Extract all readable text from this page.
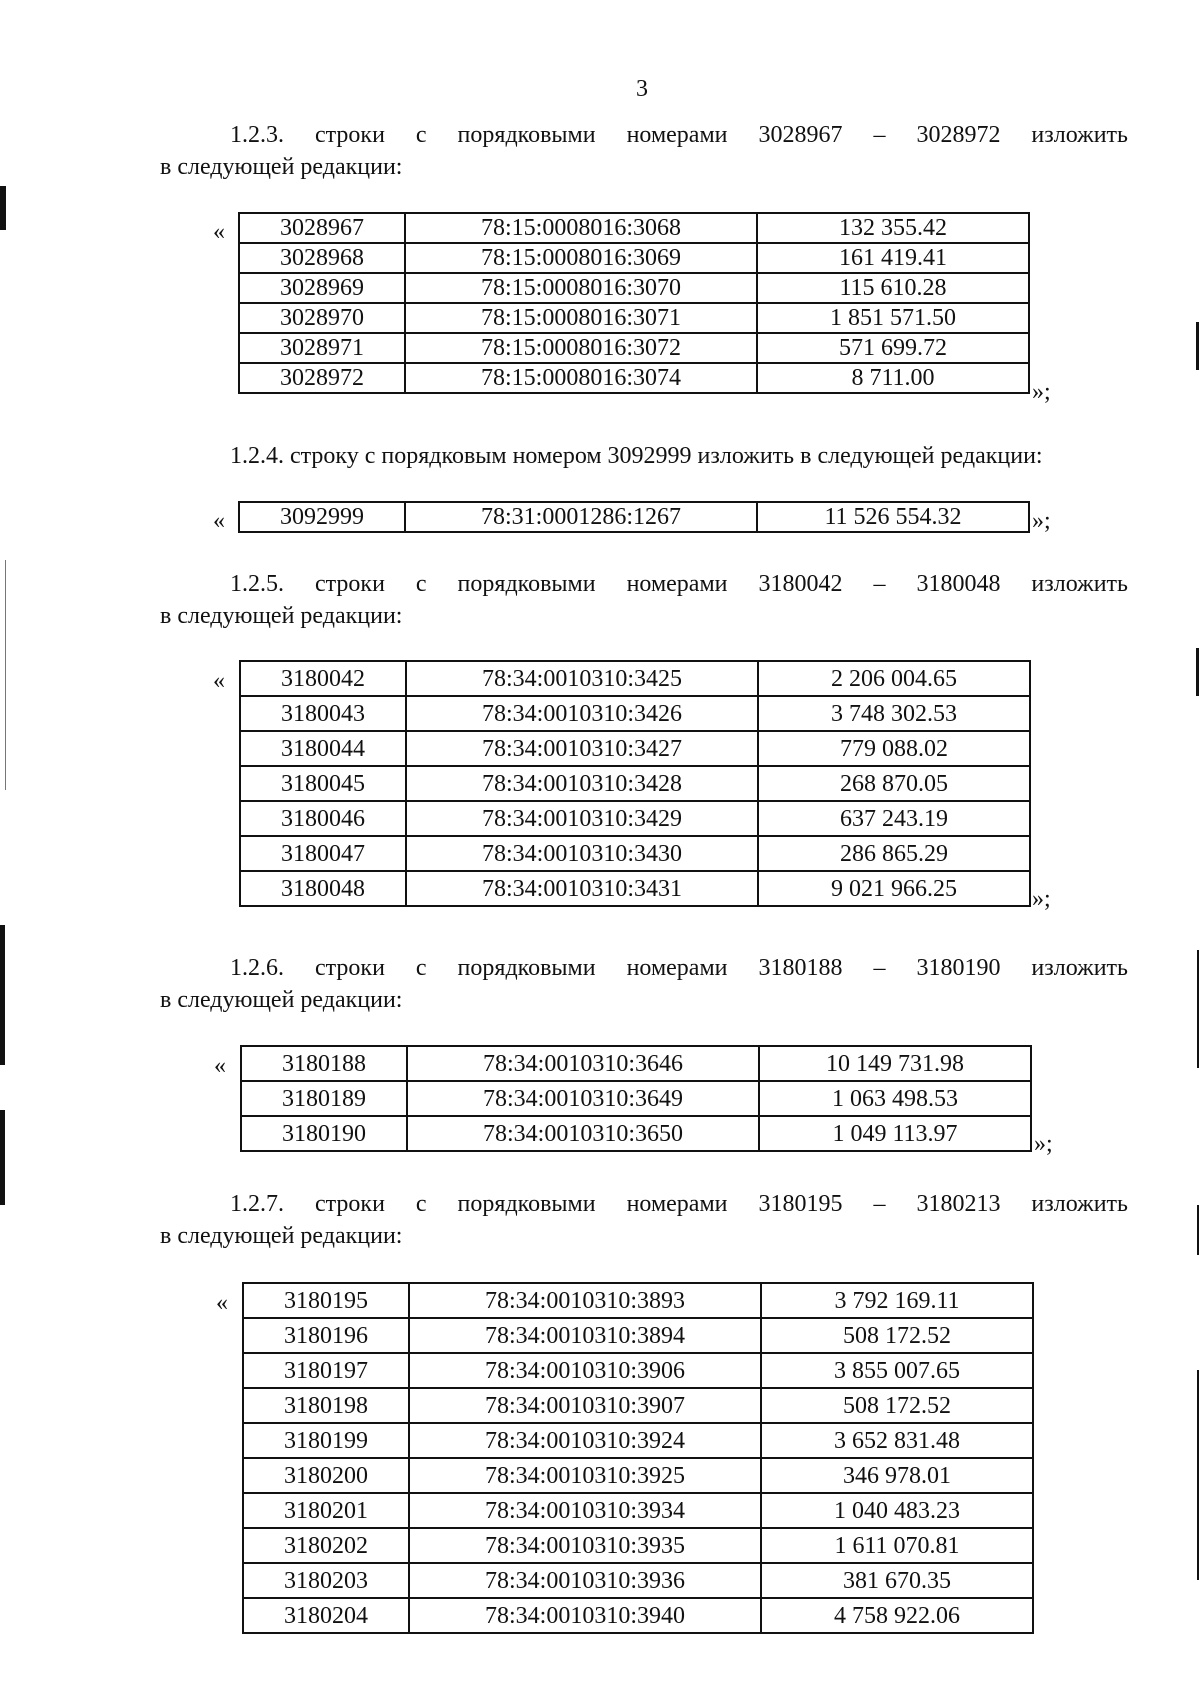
3
1.2.3. строки с порядковыми номерами 3028967 – 3028972 изложить
в следующей редакции:
« 3028967	78:15:0008016:3068	132 355.42
3028968	78:15:0008016:3069	161 419.41
3028969	78:15:0008016:3070	115 610.28
3028970	78:15:0008016:3071	1 851 571.50
3028971	78:15:0008016:3072	571 699.72
3028972	78:15:0008016:3074	8 711.00
»;
1.2.4. строку с порядковым номером 3092999 изложить в следующей редакции:
« 3092999	78:31:0001286:1267	11 526 554.32	»;
1.2.5. строки с порядковыми номерами 3180042 – 3180048 изложить
в следующей редакции:
« 3180042	78:34:0010310:3425	2 206 004.65
3180043	78:34:0010310:3426	3 748 302.53
3180044	78:34:0010310:3427	779 088.02
3180045	78:34:0010310:3428	268 870.05
3180046	78:34:0010310:3429	637 243.19
3180047	78:34:0010310:3430	286 865.29
3180048	78:34:0010310:3431	9 021 966.25	»;
1.2.6. строки с порядковыми номерами 3180188 – 3180190 изложить
в следующей редакции:
« 3180188	78:34:0010310:3646	10 149 731.98
3180189	78:34:0010310:3649	1 063 498.53
3180190	78:34:0010310:3650	1 049 113.97	»;
1.2.7. строки с порядковыми номерами 3180195 – 3180213 изложить
в следующей редакции:
« 3180195	78:34:0010310:3893	3 792 169.11
3180196	78:34:0010310:3894	508 172.52
3180197	78:34:0010310:3906	3 855 007.65
3180198	78:34:0010310:3907	508 172.52
3180199	78:34:0010310:3924	3 652 831.48
3180200	78:34:0010310:3925	346 978.01
3180201	78:34:0010310:3934	1 040 483.23
3180202	78:34:0010310:3935	1 611 070.81
3180203	78:34:0010310:3936	381 670.35
3180204	78:34:0010310:3940	4 758 922.06
